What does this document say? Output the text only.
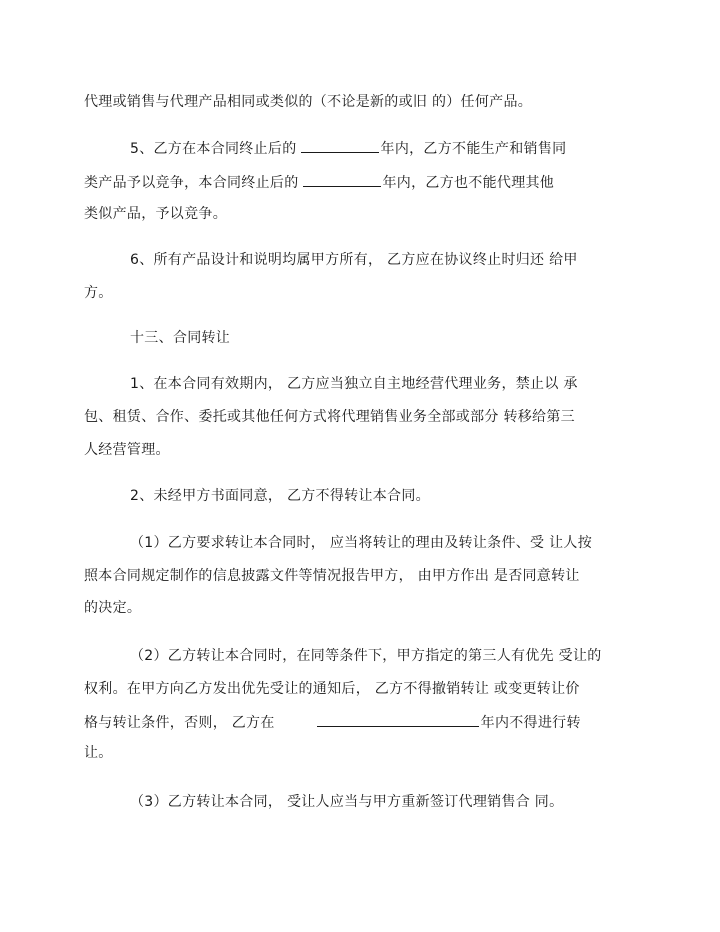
代理或销售与代理产品相同或类似的（不论是新的或旧 的）任何产品。
5、乙方在本合同终止后的	年内，乙方不能生产和销售同
类产品予以竞争，本合同终止后的	年内，乙方也不能代理其他
类似产品，予以竞争。
6、所有产品设计和说明均属甲方所有， 乙方应在协议终止时归还 给甲
方。
十三、合同转让
1、在本合同有效期内， 乙方应当独立自主地经营代理业务，禁止以 承
包、租赁、合作、委托或其他任何方式将代理销售业务全部或部分 转移给第三
人经营管理。
2、未经甲方书面同意， 乙方不得转让本合同。
（1）乙方要求转让本合同时， 应当将转让的理由及转让条件、受 让人按
照本合同规定制作的信息披露文件等情况报告甲方， 由甲方作出 是否同意转让
的决定。
（2）乙方转让本合同时，在同等条件下，甲方指定的第三人有优先 受让的
权利。在甲方向乙方发出优先受让的通知后， 乙方不得撤销转让 或变更转让价
格与转让条件，否则， 乙方在	年内不得进行转
让。
（3）乙方转让本合同， 受让人应当与甲方重新签订代理销售合 同。
